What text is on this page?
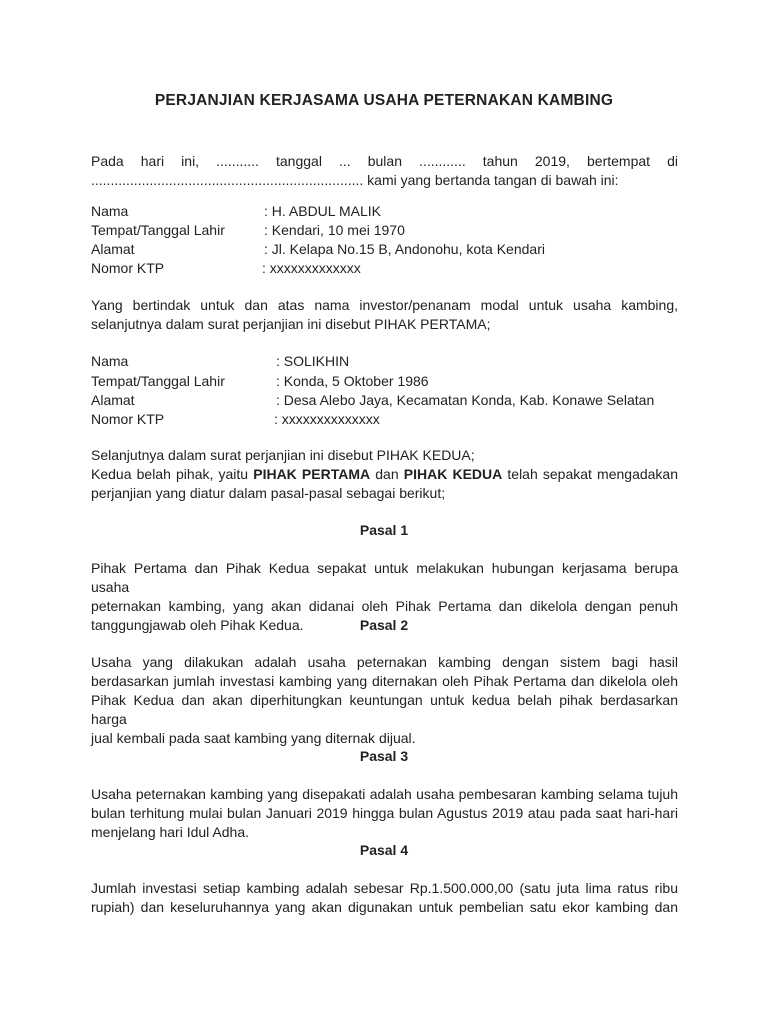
PERJANJIAN KERJASAMA USAHA PETERNAKAN KAMBING
Pada hari ini, ........... tanggal ... bulan ............ tahun 2019, bertempat di
...................................................................... kami yang bertanda tangan di bawah ini:
Nama	: H. ABDUL MALIK
Tempat/Tanggal Lahir	: Kendari, 10 mei 1970
Alamat	: Jl. Kelapa No.15 B, Andonohu, kota Kendari
Nomor KTP	: xxxxxxxxxxxxx
Yang bertindak untuk dan atas nama investor/penanam modal untuk usaha kambing,
selanjutnya dalam surat perjanjian ini disebut PIHAK PERTAMA;
Nama	: SOLIKHIN
Tempat/Tanggal Lahir	: Konda, 5 Oktober 1986
Alamat	: Desa Alebo Jaya, Kecamatan Konda, Kab. Konawe Selatan
Nomor KTP	: xxxxxxxxxxxxxx
Selanjutnya dalam surat perjanjian ini disebut PIHAK KEDUA;
Kedua belah pihak, yaitu PIHAK PERTAMA dan PIHAK KEDUA telah sepakat mengadakan
perjanjian yang diatur dalam pasal-pasal sebagai berikut;
Pasal 1
Pihak Pertama dan Pihak Kedua sepakat untuk melakukan hubungan kerjasama berupa usaha
peternakan kambing, yang akan didanai oleh Pihak Pertama dan dikelola dengan penuh
tanggungjawab oleh Pihak Kedua.	Pasal 2
Usaha yang dilakukan adalah usaha peternakan kambing dengan sistem bagi hasil
berdasarkan jumlah investasi kambing yang diternakan oleh Pihak Pertama dan dikelola oleh
Pihak Kedua dan akan diperhitungkan keuntungan untuk kedua belah pihak berdasarkan harga
jual kembali pada saat kambing yang diternak dijual.
Pasal 3
Usaha peternakan kambing yang disepakati adalah usaha pembesaran kambing selama tujuh
bulan terhitung mulai bulan Januari 2019 hingga bulan Agustus 2019 atau pada saat hari-hari
menjelang hari Idul Adha.
Pasal 4
Jumlah investasi setiap kambing adalah sebesar Rp.1.500.000,00 (satu juta lima ratus ribu
rupiah) dan keseluruhannya yang akan digunakan untuk pembelian satu ekor kambing dan
